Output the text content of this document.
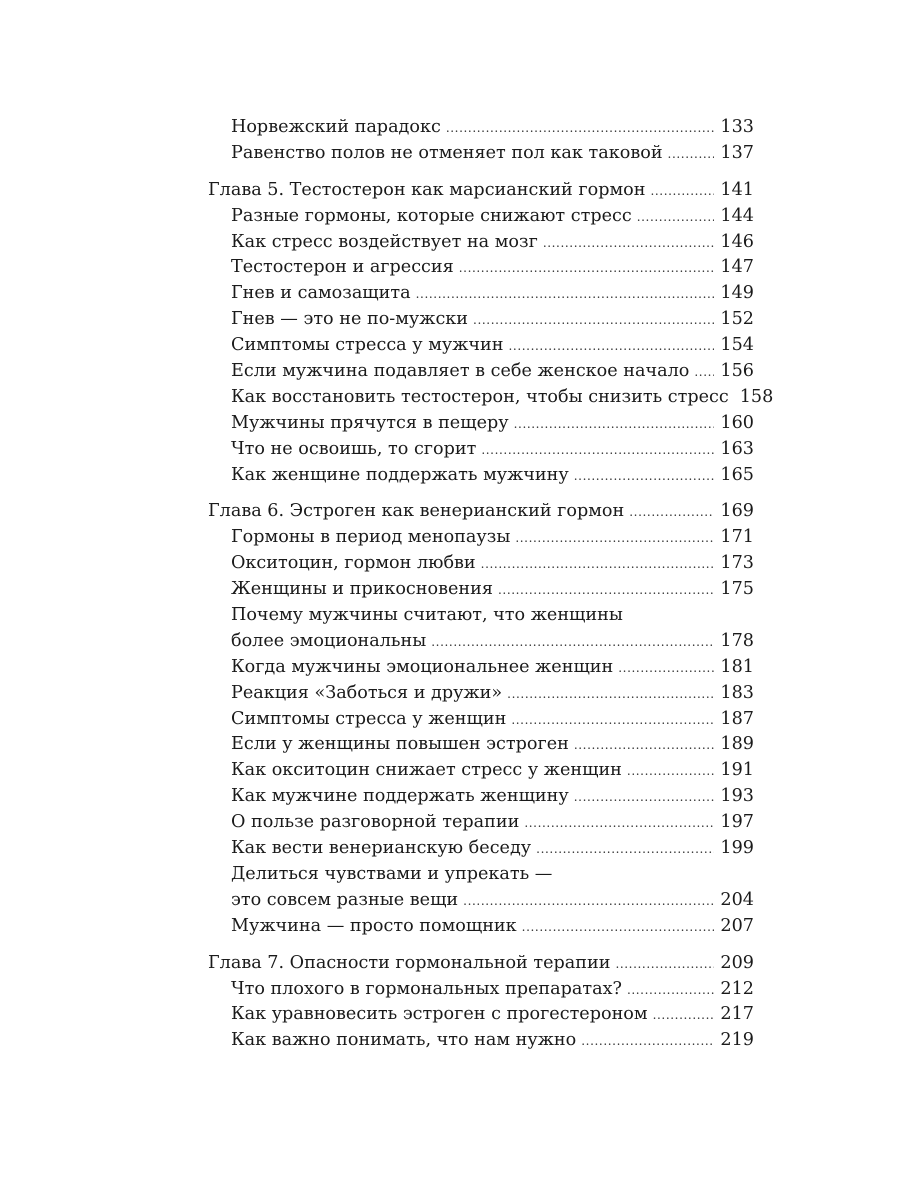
Норвежский парадокс .....	133
Равенство полов не отменяет пол как таковой .....	137
Глава 5. Тестостерон как марсианский гормон .....	141
Разные гормоны, которые снижают стресс .....	144
Как стресс воздействует на мозг .....	146
Тестостерон и агрессия .....	147
Гнев и самозащита .....	149
Гнев — это не по-мужски .....	152
Симптомы стресса у мужчин .....	154
Если мужчина подавляет в себе женское начало ..... 156
Как восстановить тестостерон, чтобы снизить стресс 158
Мужчины прячутся в пещеру .....	160
Что не освоишь, то сгорит .....	163
Как женщине поддержать мужчину .....	165
Глава 6. Эстроген как венерианский гормон .....	169
Гормоны в период менопаузы .....	171
Окситоцин, гормон любви .....	173
Женщины и прикосновения .....	175
Почему мужчины считают, что женщины
более эмоциональны .....	178
Когда мужчины эмоциональнее женщин .....	181
Реакция «Заботься и дружи» .....	183
Симптомы стресса у женщин .....	187
Если у женщины повышен эстроген .....	189
Как окситоцин снижает стресс у женщин .....	191
Как мужчине поддержать женщину .....	193
О пользе разговорной терапии .....	197
Как вести венерианскую беседу .....	199
Делиться чувствами и упрекать —
это совсем разные вещи .....	204
Мужчина — просто помощник .....	207
Глава 7. Опасности гормональной терапии .....	209
Что плохого в гормональных препаратах? .....	212
Как уравновесить эстроген с прогестероном .....	217
Как важно понимать, что нам нужно .....	219
